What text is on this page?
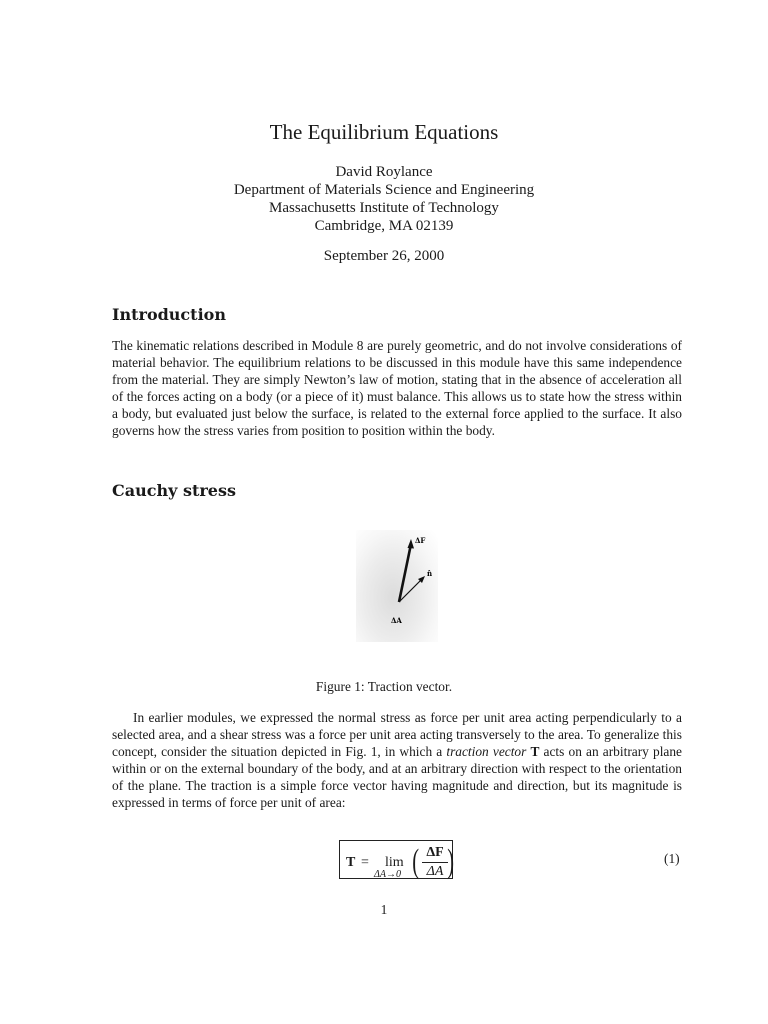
The Equilibrium Equations
David Roylance
Department of Materials Science and Engineering
Massachusetts Institute of Technology
Cambridge, MA 02139
September 26, 2000
Introduction

The kinematic relations described in Module 8 are purely geometric, and do not involve considerations of material behavior. The equilibrium relations to be discussed in this module have this same independence from the material. They are simply Newton’s law of motion, stating that in the absence of acceleration all of the forces acting on a body (or a piece of it) must balance. This allows us to state how the stress within a body, but evaluated just below the surface, is related to the external force applied to the surface. It also governs how the stress varies from position to position within the body.

Cauchy stress
ΔF
n̂
ΔA
Figure 1: Traction vector.

In earlier modules, we expressed the normal stress as force per unit area acting perpendicularly to a selected area, and a shear stress was a force per unit area acting transversely to the area. To generalize this concept, consider the situation depicted in Fig. 1, in which a traction vector T acts on an arbitrary plane within or on the external boundary of the body, and at an arbitrary direction with respect to the orientation of the plane. The traction is a simple force vector having magnitude and direction, but its magnitude is expressed in terms of force per unit of area:

T = lim
ΔA→0 ( ΔF
ΔA )	(1)
1
